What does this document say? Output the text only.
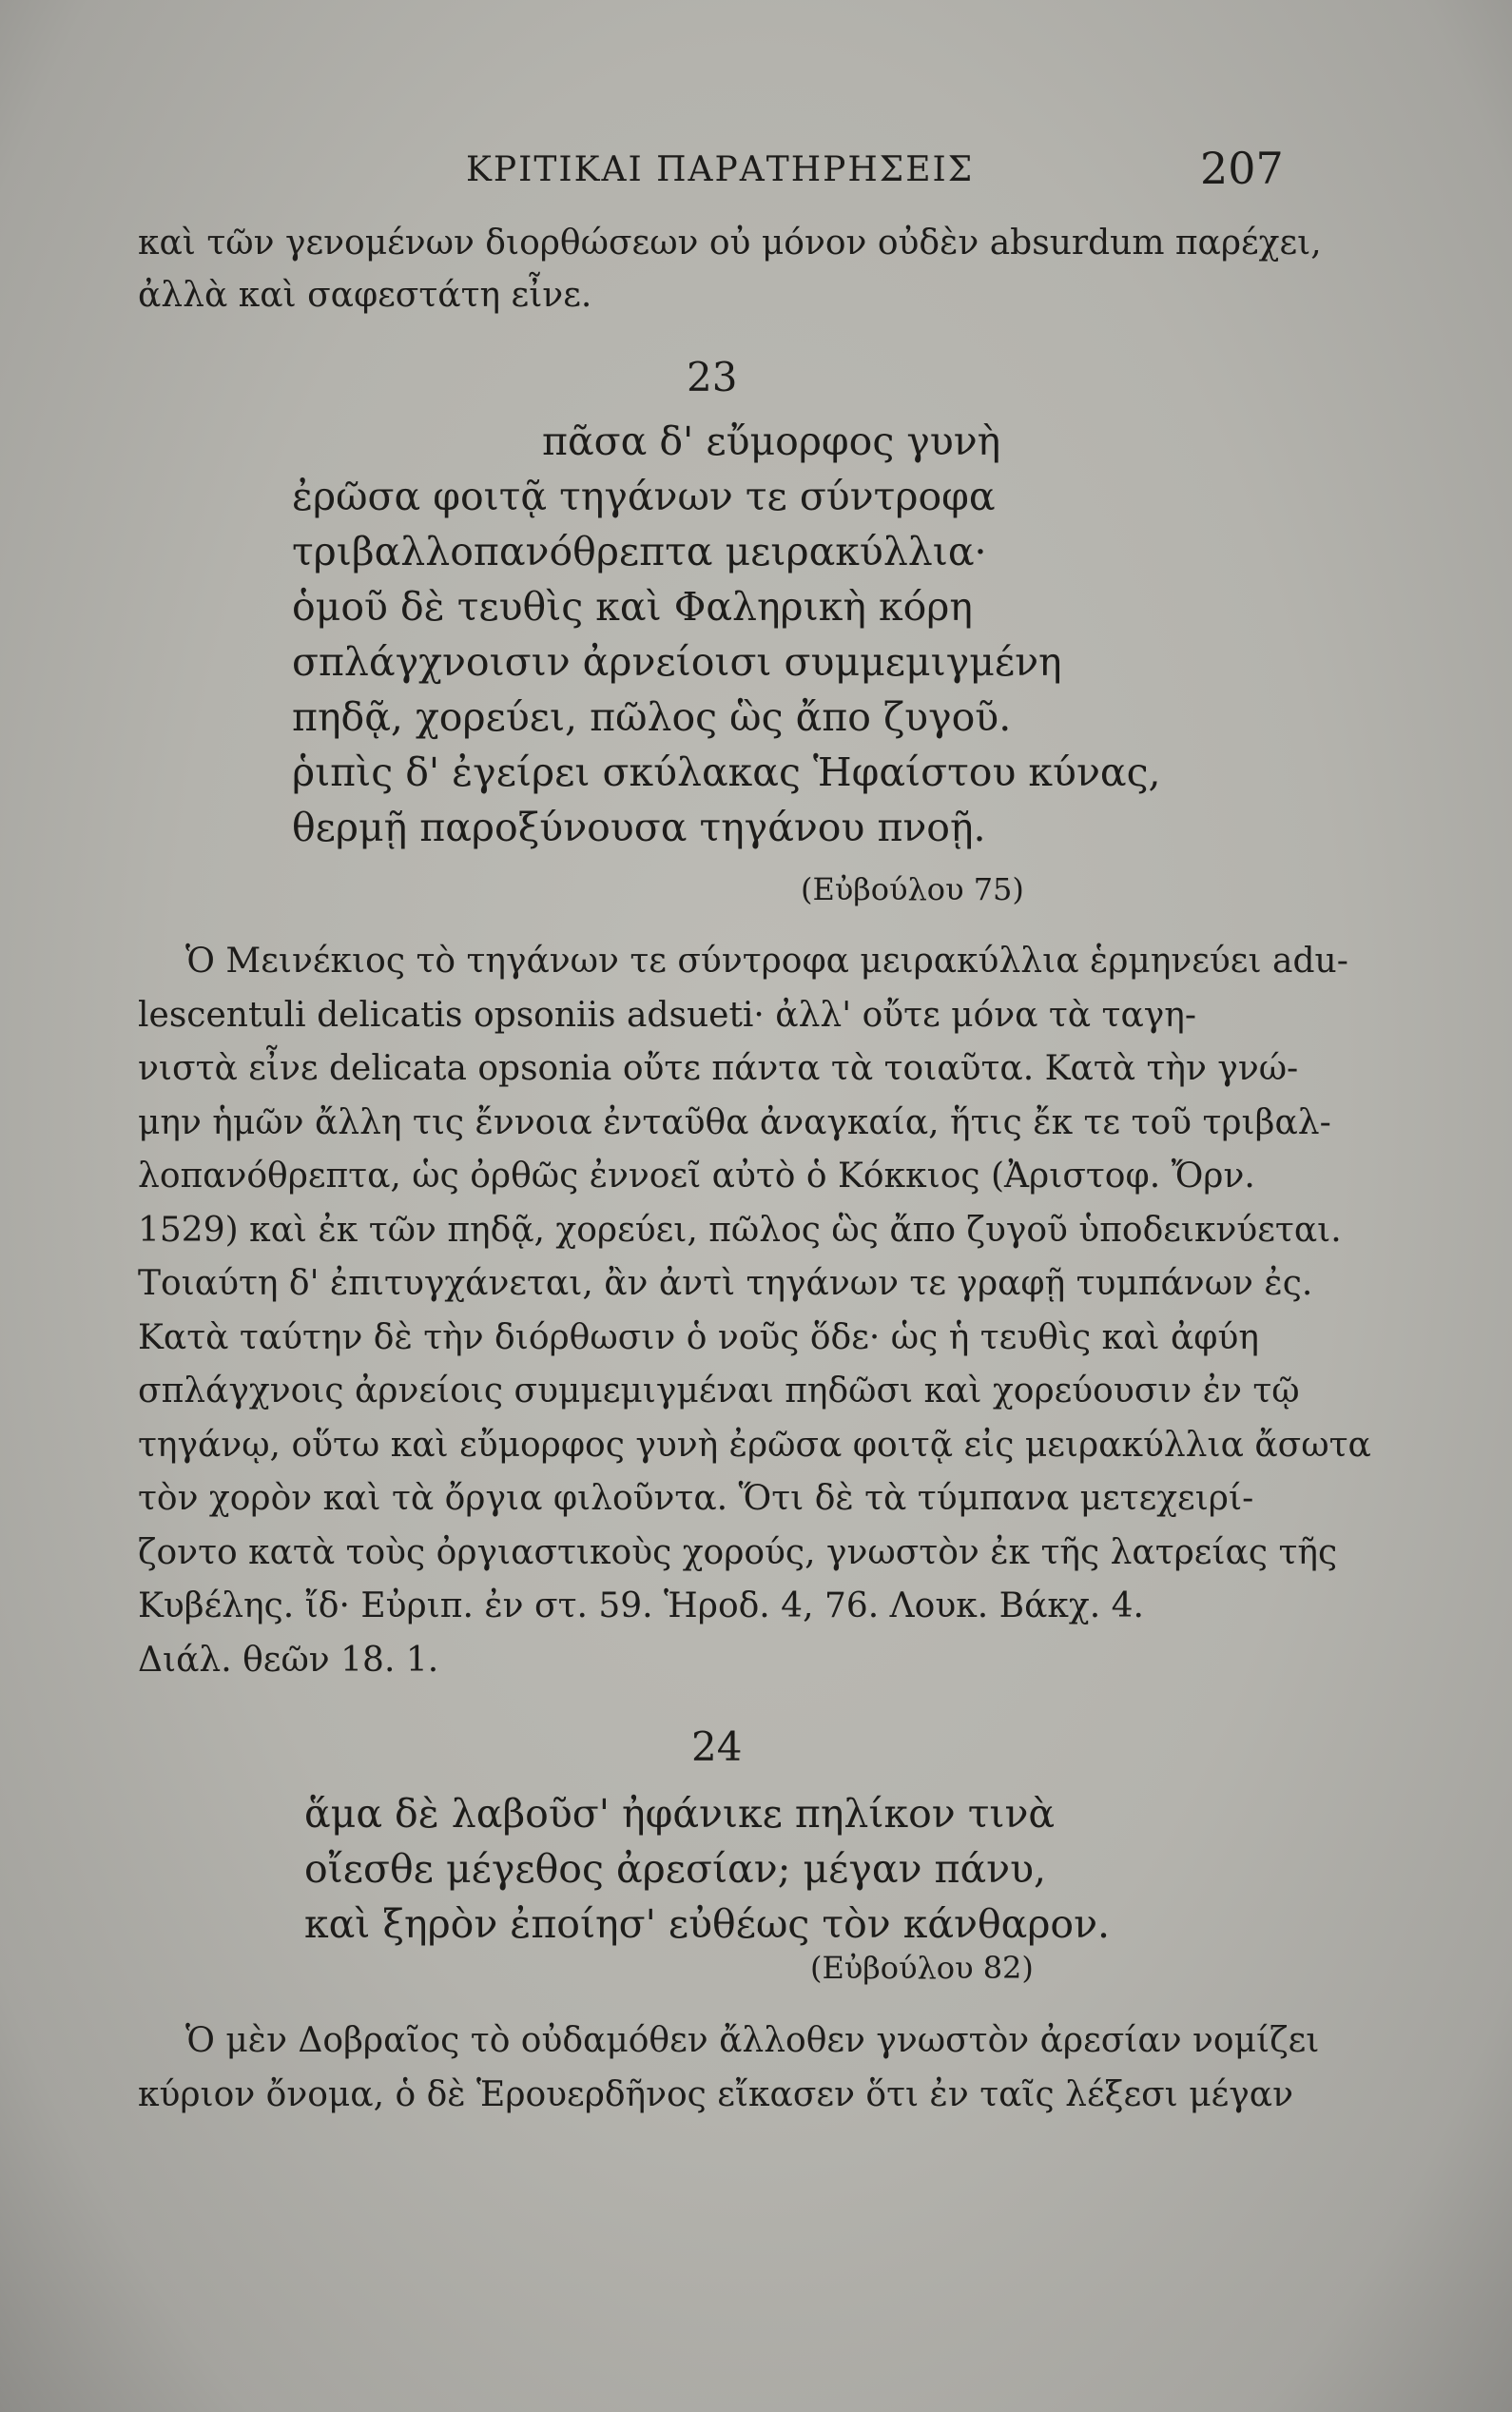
ΚΡΙΤΙΚΑΙ ΠΑΡΑΤΗΡΗΣΕΙΣ	207
καὶ τῶν γενομένων διορθώσεων οὐ μόνον οὐδὲν absurdum παρέχει,
ἀλλὰ καὶ σαφεστάτη εἶνε.
23
πᾶσα δ' εὔμορφος γυνὴ
ἐρῶσα φοιτᾷ τηγάνων τε σύντροφα
τριβαλλοπανόθρεπτα μειρακύλλια·
ὁμοῦ δὲ τευθὶς καὶ Φαληρικὴ κόρη
σπλάγχνοισιν ἀρνείοισι συμμεμιγμένη
πηδᾷ, χορεύει, πῶλος ὣς ἄπο ζυγοῦ.
ῥιπὶς δ' ἐγείρει σκύλακας Ἡφαίστου κύνας,
θερμῇ παροξύνουσα τηγάνου πνοῇ.
(Εὐβούλου 75)
Ὁ Μεινέκιος τὸ τηγάνων τε σύντροφα μειρακύλλια ἑρμηνεύει adu-
lescentuli delicatis opsoniis adsueti· ἀλλ' οὔτε μόνα τὰ ταγη-
νιστὰ εἶνε delicata opsonia οὔτε πάντα τὰ τοιαῦτα. Κατὰ τὴν γνώ-
μην ἡμῶν ἄλλη τις ἔννοια ἐνταῦθα ἀναγκαία, ἥτις ἔκ τε τοῦ τριβαλ-
λοπανόθρεπτα, ὡς ὀρθῶς ἐννοεῖ αὐτὸ ὁ Κόκκιος (Ἀριστοφ. Ὄρν.
1529) καὶ ἐκ τῶν πηδᾷ, χορεύει, πῶλος ὣς ἄπο ζυγοῦ ὑποδεικνύεται.
Τοιαύτη δ' ἐπιτυγχάνεται, ἂν ἀντὶ τηγάνων τε γραφῇ τυμπάνων ἐς.
Κατὰ ταύτην δὲ τὴν διόρθωσιν ὁ νοῦς ὅδε· ὡς ἡ τευθὶς καὶ ἀφύη
σπλάγχνοις ἀρνείοις συμμεμιγμέναι πηδῶσι καὶ χορεύουσιν ἐν τῷ
τηγάνῳ, οὕτω καὶ εὔμορφος γυνὴ ἐρῶσα φοιτᾷ εἰς μειρακύλλια ἄσωτα
τὸν χορὸν καὶ τὰ ὄργια φιλοῦντα. Ὅτι δὲ τὰ τύμπανα μετεχειρί-
ζοντο κατὰ τοὺς ὀργιαστικοὺς χορούς, γνωστὸν ἐκ τῆς λατρείας τῆς
Κυβέλης. ἴδ· Εὐριπ. ἐν στ. 59. Ἡροδ. 4, 76. Λουκ. Βάκχ. 4.
Διάλ. θεῶν 18. 1.
24
ἅμα δὲ λαβοῦσ' ἠφάνικε πηλίκον τινὰ
οἴεσθε μέγεθος ἀρεσίαν; μέγαν πάνυ,
καὶ ξηρὸν ἐποίησ' εὐθέως τὸν κάνθαρον.
(Εὐβούλου 82)
Ὁ μὲν Δοβραῖος τὸ οὐδαμόθεν ἄλλοθεν γνωστὸν ἀρεσίαν νομίζει
κύριον ὄνομα, ὁ δὲ Ἑρουερδῆνος εἴκασεν ὅτι ἐν ταῖς λέξεσι μέγαν
